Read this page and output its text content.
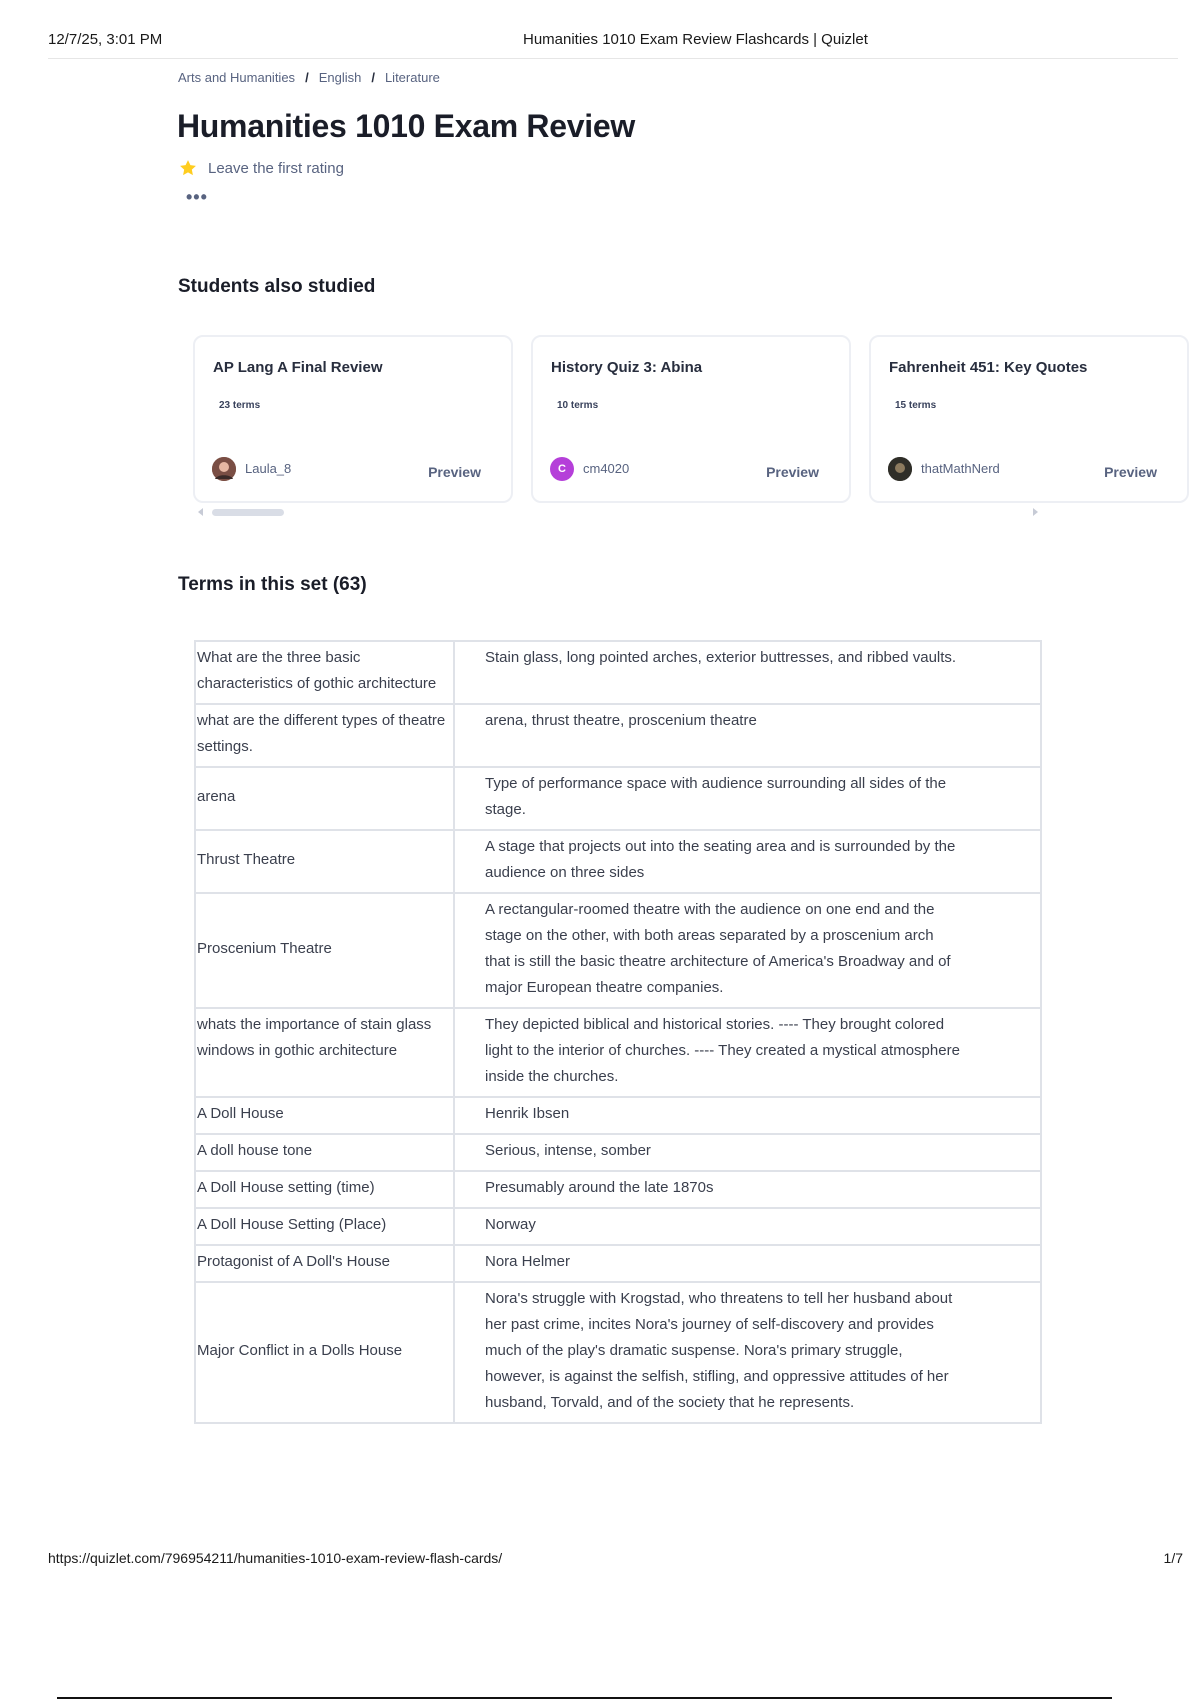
12/7/25, 3:01 PM	Humanities 1010 Exam Review Flashcards | Quizlet
Arts and Humanities / English / Literature
Humanities 1010 Exam Review
Leave the first rating
•••
Students also studied
AP Lang A Final Review
23 terms
Laula_8	Preview
History Quiz 3: Abina
10 terms
C	cm4020	Preview
Fahrenheit 451: Key Quotes
15 terms
thatMathNerd	Preview
Terms in this set (63)
What are the three basic characteristics of gothic architecture	Stain glass, long pointed arches, exterior buttresses, and ribbed vaults.
what are the different types of theatre settings.	arena, thrust theatre, proscenium theatre
arena	Type of performance space with audience surrounding all sides of the stage.
Thrust Theatre	A stage that projects out into the seating area and is surrounded by the audience on three sides
Proscenium Theatre	A rectangular-roomed theatre with the audience on one end and the stage on the other, with both areas separated by a proscenium arch that is still the basic theatre architecture of America's Broadway and of major European theatre companies.
whats the importance of stain glass windows in gothic architecture	They depicted biblical and historical stories. ---- They brought colored light to the interior of churches. ---- They created a mystical atmosphere inside the churches.
A Doll House	Henrik Ibsen
A doll house tone	Serious, intense, somber
A Doll House setting (time)	Presumably around the late 1870s
A Doll House Setting (Place)	Norway
Protagonist of A Doll's House	Nora Helmer
Major Conflict in a Dolls House	Nora's struggle with Krogstad, who threatens to tell her husband about her past crime, incites Nora's journey of self-discovery and provides much of the play's dramatic suspense. Nora's primary struggle, however, is against the selfish, stifling, and oppressive attitudes of her husband, Torvald, and of the society that he represents.
https://quizlet.com/796954211/humanities-1010-exam-review-flash-cards/	1/7
